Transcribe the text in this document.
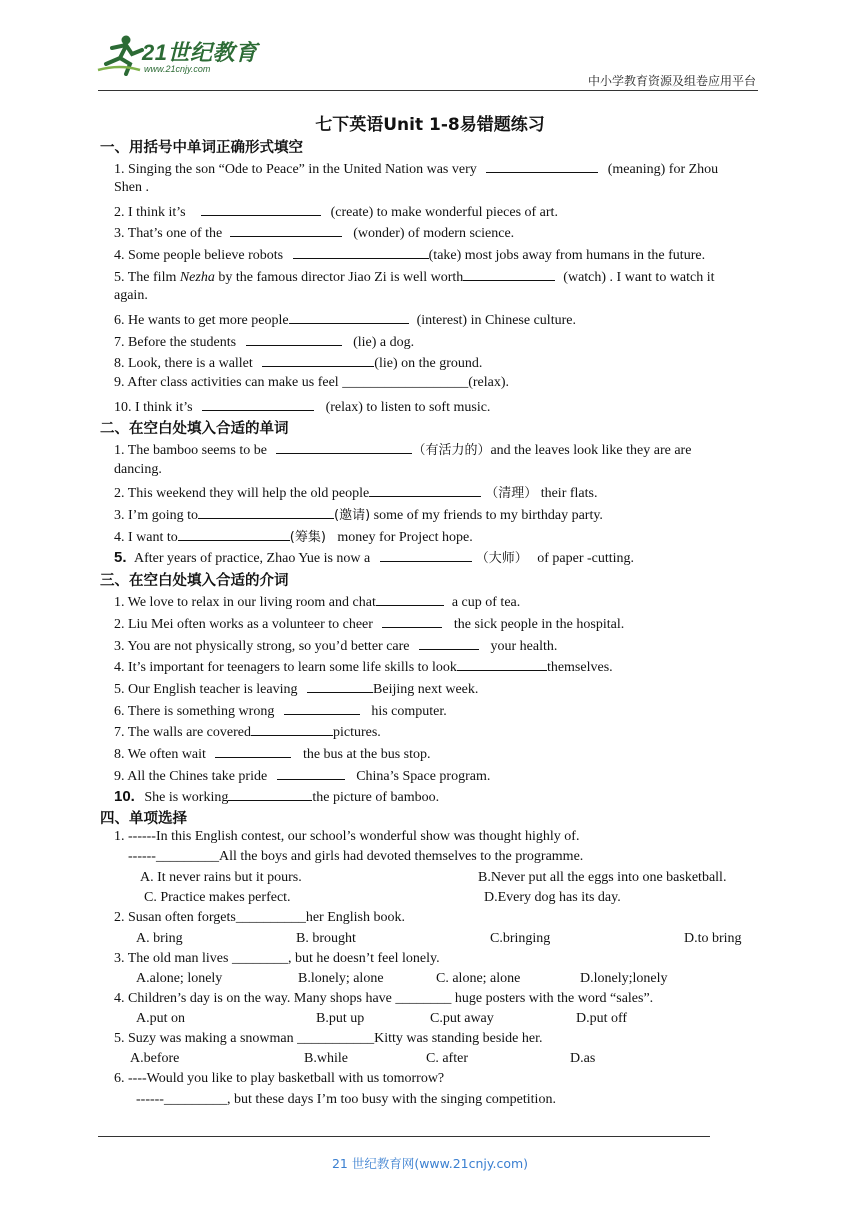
21世纪教育
www.21cnjy.com
中小学教育资源及组卷应用平台
七下英语Unit 1-8易错题练习
一、用括号中单词正确形式填空
1. Singing the son “Ode to Peace” in the United Nation was very	(meaning) for Zhou
Shen .
2. I think it’s	(create) to make wonderful pieces of art.
3. That’s one of the	(wonder) of modern science.
4. Some people believe robots	(take) most jobs away from humans in the future.
5. The film Nezha by the famous director Jiao Zi is well worth	(watch) . I want to watch it
again.
6. He wants to get more people	(interest) in Chinese culture.
7. Before the students	(lie) a dog.
8. Look, there is a wallet	(lie) on the ground.
9. After class activities can make us feel __________________(relax).
10. I think it’s	(relax) to listen to soft music.
二、在空白处填入合适的单词
1. The bamboo seems to be	（有活力的）and the leaves look like they are are
dancing.
2. This weekend they will help the old people	（清理） their flats.
3. I’m going to	(邀请) some of my friends to my birthday party.
4. I want to	(筹集) money for Project hope.
5. After years of practice, Zhao Yue is now a	（大师） of paper -cutting.
三、在空白处填入合适的介词
1. We love to relax in our living room and chat	a cup of tea.
2. Liu Mei often works as a volunteer to cheer	the sick people in the hospital.
3. You are not physically strong, so you’d better care	your health.
4. It’s important for teenagers to learn some life skills to look	themselves.
5. Our English teacher is leaving	Beijing next week.
6. There is something wrong	his computer.
7. The walls are covered	pictures.
8. We often wait	the bus at the bus stop.
9. All the Chines take pride	China’s Space program.
10. She is working	the picture of bamboo.
四、单项选择
1. ------In this English contest, our school’s wonderful show was thought highly of.
------_________All the boys and girls had devoted themselves to the programme.
A. It never rains but it pours.	B.Never put all the eggs into one basketball.
C. Practice makes perfect.	D.Every dog has its day.
2. Susan often forgets__________her English book.
A. bring	B. brought	C.bringing	D.to bring
3. The old man lives ________, but he doesn’t feel lonely.
A.alone; lonely	B.lonely; alone	C. alone; alone	D.lonely;lonely
4. Children’s day is on the way. Many shops have ________ huge posters with the word “sales”.
A.put on	B.put up	C.put away	D.put off
5. Suzy was making a snowman ___________Kitty was standing beside her.
A.before	B.while	C. after	D.as
6. ----Would you like to play basketball with us tomorrow?
------_________, but these days I’m too busy with the singing competition.
21 世纪教育网(www.21cnjy.com)
